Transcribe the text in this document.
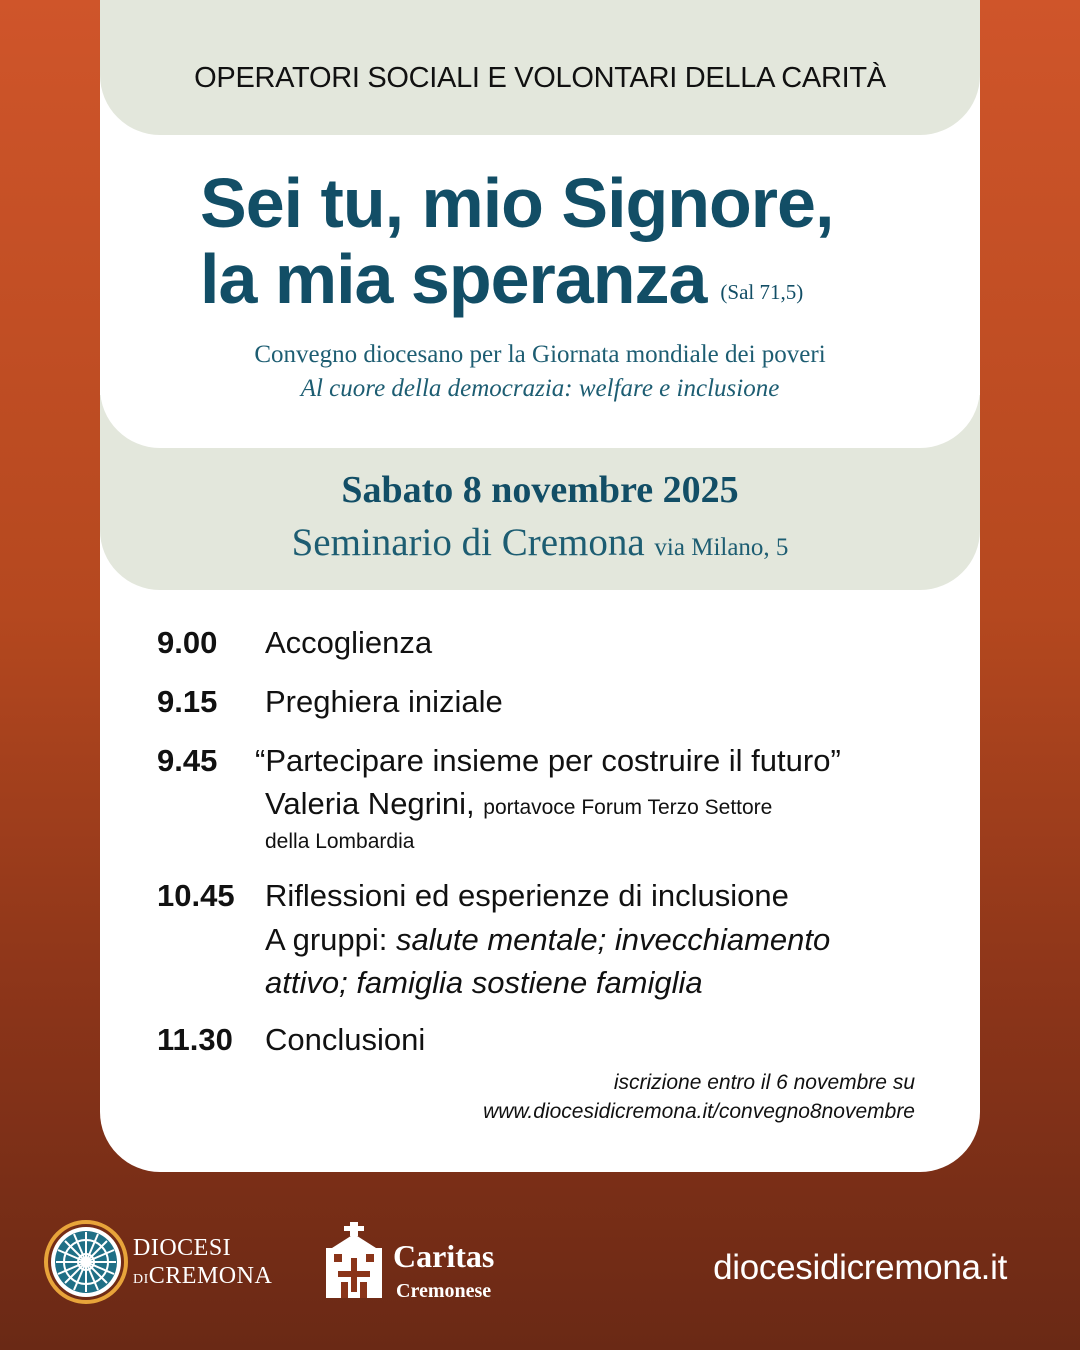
OPERATORI SOCIALI E VOLONTARI DELLA CARITÀ
Sei tu, mio Signore,
la mia speranza (Sal 71,5)
Convegno diocesano per la Giornata mondiale dei poveri
Al cuore della democrazia: welfare e inclusione
Sabato 8 novembre 2025
Seminario di Cremona via Milano, 5
9.00 Accoglienza
9.15 Preghiera iniziale
9.45 “Partecipare insieme per costruire il futuro”
Valeria Negrini, portavoce Forum Terzo Settore
della Lombardia
10.45 Riflessioni ed esperienze di inclusione
A gruppi: salute mentale; invecchiamento
attivo; famiglia sostiene famiglia
11.30 Conclusioni
iscrizione entro il 6 novembre su
www.diocesidicremona.it/convegno8novembre
DIOCESI
DICREMONA
Caritas
Cremonese
diocesidicremona.it
